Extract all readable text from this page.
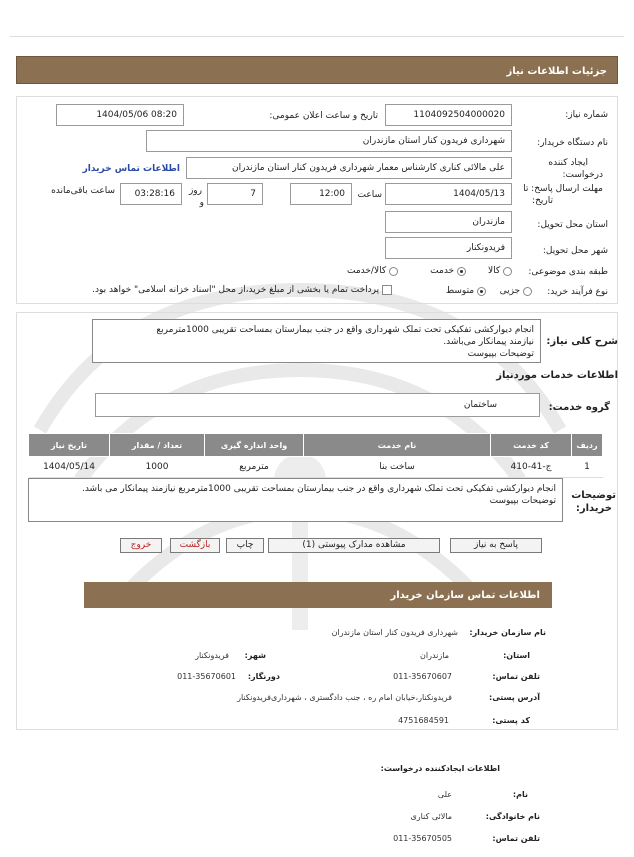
جزئیات اطلاعات نیاز
شماره نیاز:
1104092504000020
تاریخ و ساعت اعلان عمومی:
1404/05/06 08:20
نام دستگاه خریدار:
شهرداری فریدون کنار استان مازندران
ایجاد کننده
درخواست:
علی مالائی کناری کارشناس معمار شهرداری فریدون کنار استان مازندران
اطلاعات تماس خریدار
مهلت ارسال پاسخ: تا
تاریخ:
1404/05/13
ساعت
12:00
7
روز
و
03:28:16
ساعت باقی‌مانده
استان محل تحویل:
مازندران
شهر محل تحویل:
فریدونکنار
طبقه بندی موضوعی:
کالا
خدمت
کالا/خدمت
نوع فرآیند خرید:
جزیی
متوسط
پرداخت تمام یا بخشی از مبلغ خرید،از محل "اسناد خزانه اسلامی" خواهد بود.
شرح کلی نیاز:
انجام دیوارکشی تفکیکی تحت تملک شهرداری واقع در جنب بیمارستان بمساحت تقریبی 1000مترمربع
نیازمند پیمانکار می‌باشد.
توضیحات بپیوست
اطلاعات خدمات موردنیاز
گروه خدمت:
ساختمان
ردیف	کد خدمت	نام خدمت	واحد اندازه گیری	تعداد / مقدار	تاریخ نیاز
1	ج-41-410	ساخت بنا	مترمربع	1000	1404/05/14
توضیحات
خریدار:
انجام دیوارکشی تفکیکی تحت تملک شهرداری واقع در جنب بیمارستان بمساحت تقریبی 1000مترمربع نیازمند پیمانکار می باشد.
توضیحات بپیوست
پاسخ به نیاز
مشاهده مدارک پیوستی (1)
چاپ
بازگشت
خروج
اطلاعات تماس سازمان خریدار
نام سازمان خریدار:
شهرداری فریدون کنار استان مازندران
استان:
مازندران
شهر:
فریدونکنار
تلفن تماس:
011-35670607
دورنگار:
011-35670601
آدرس پستی:
فریدونکنار،خیابان امام ره ، جنب دادگستری ، شهرداری‌فریدونکنار
کد پستی:
4751684591
اطلاعات ایجادکننده درخواست:
نام:
علی
نام خانوادگی:
مالائی کناری
تلفن تماس:
011-35670505
